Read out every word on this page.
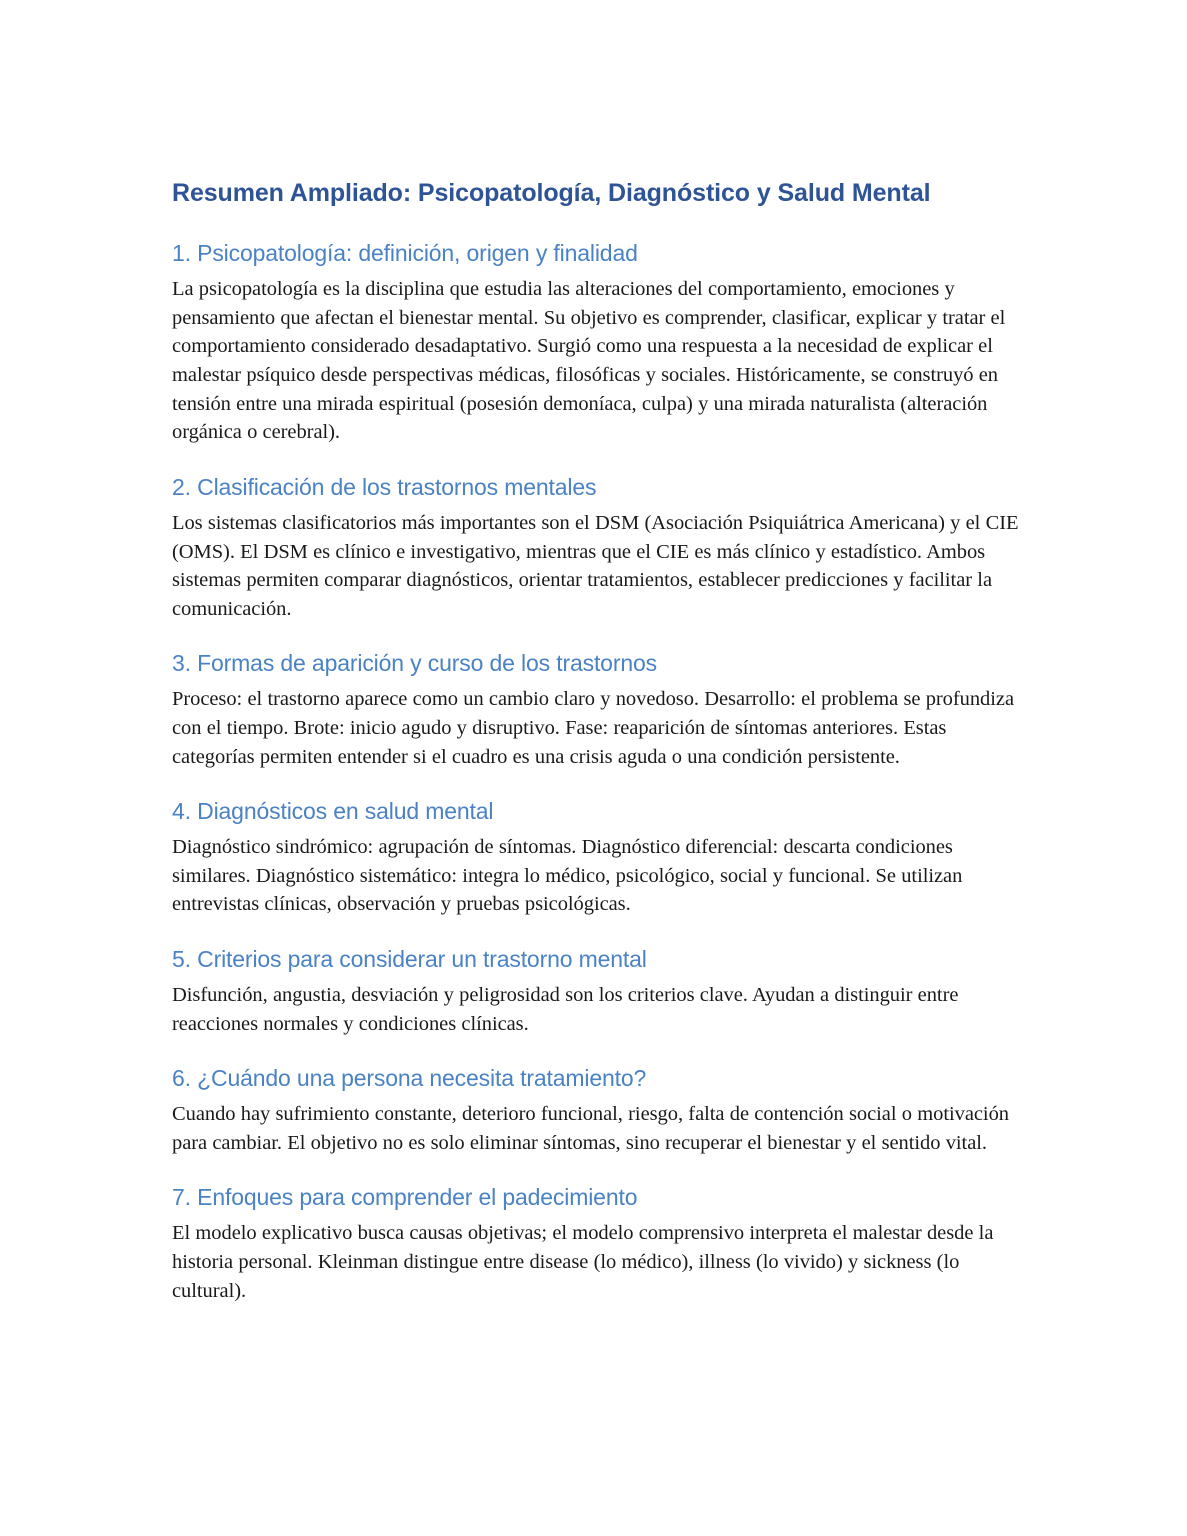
Resumen Ampliado: Psicopatología, Diagnóstico y Salud Mental
1. Psicopatología: definición, origen y finalidad

La psicopatología es la disciplina que estudia las alteraciones del comportamiento, emociones y pensamiento que afectan el bienestar mental. Su objetivo es comprender, clasificar, explicar y tratar el comportamiento considerado desadaptativo. Surgió como una respuesta a la necesidad de explicar el malestar psíquico desde perspectivas médicas, filosóficas y sociales. Históricamente, se construyó en tensión entre una mirada espiritual (posesión demoníaca, culpa) y una mirada naturalista (alteración orgánica o cerebral).

2. Clasificación de los trastornos mentales

Los sistemas clasificatorios más importantes son el DSM (Asociación Psiquiátrica Americana) y el CIE (OMS). El DSM es clínico e investigativo, mientras que el CIE es más clínico y estadístico. Ambos sistemas permiten comparar diagnósticos, orientar tratamientos, establecer predicciones y facilitar la comunicación.

3. Formas de aparición y curso de los trastornos

Proceso: el trastorno aparece como un cambio claro y novedoso. Desarrollo: el problema se profundiza con el tiempo. Brote: inicio agudo y disruptivo. Fase: reaparición de síntomas anteriores. Estas categorías permiten entender si el cuadro es una crisis aguda o una condición persistente.

4. Diagnósticos en salud mental

Diagnóstico sindrómico: agrupación de síntomas. Diagnóstico diferencial: descarta condiciones similares. Diagnóstico sistemático: integra lo médico, psicológico, social y funcional. Se utilizan entrevistas clínicas, observación y pruebas psicológicas.

5. Criterios para considerar un trastorno mental

Disfunción, angustia, desviación y peligrosidad son los criterios clave. Ayudan a distinguir entre reacciones normales y condiciones clínicas.

6. ¿Cuándo una persona necesita tratamiento?

Cuando hay sufrimiento constante, deterioro funcional, riesgo, falta de contención social o motivación para cambiar. El objetivo no es solo eliminar síntomas, sino recuperar el bienestar y el sentido vital.

7. Enfoques para comprender el padecimiento

El modelo explicativo busca causas objetivas; el modelo comprensivo interpreta el malestar desde la historia personal. Kleinman distingue entre disease (lo médico), illness (lo vivido) y sickness (lo cultural).
